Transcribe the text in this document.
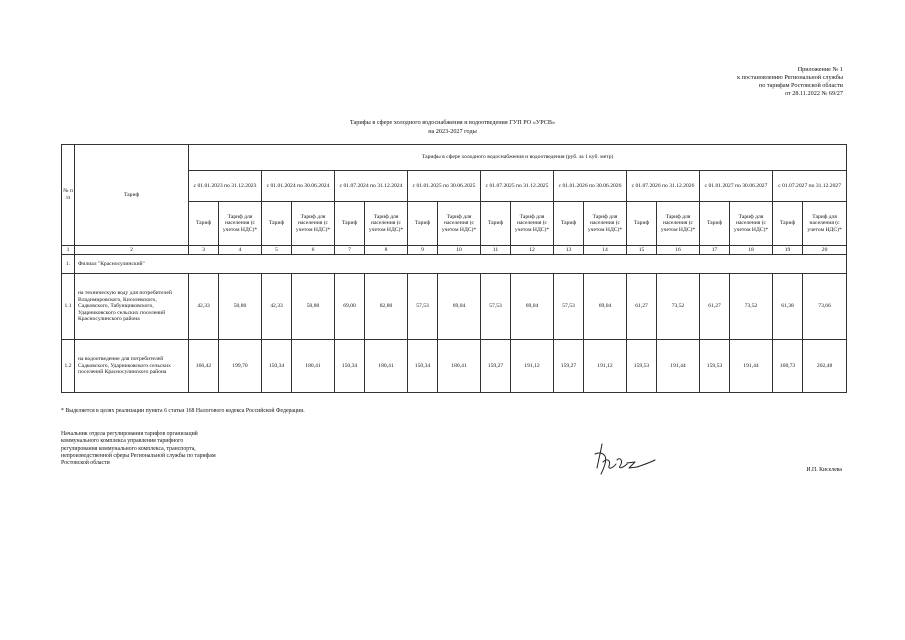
Приложение № 1
к постановлению Региональной службы
по тарифам Ростовской области
от 28.11.2022 № 69/27
Тарифы в сфере холодного водоснабжения и водоотведения ГУП РО «УРСВ»
на 2023-2027 годы
№ п /п	Тариф	Тарифы в сфере холодного водоснабжения и водоотведения (руб. за 1 куб. метр)																	
		с 01.01.2023 по 31.12.2023		с 01.01.2024 по 30.06.2024		с 01.07.2024 по 31.12.2024		с 01.01.2025 по 30.06.2025		с 01.07.2025 по 31.12.2025		с 01.01.2026 по 30.06.2026		с 01.07.2026 по 31.12.2026		с 01.01.2027 по 30.06.2027		с 01.07.2027 по 31.12.2027	
		Тариф	Тариф для населения (с учетом НДС)*	Тариф	Тариф для населения (с учетом НДС)*	Тариф	Тариф для населения (с учетом НДС)*	Тариф	Тариф для населения (с учетом НДС)*	Тариф	Тариф для населения (с учетом НДС)*	Тариф	Тариф для населения (с учетом НДС)*	Тариф	Тариф для населения (с учетом НДС)*	Тариф	Тариф для населения (с учетом НДС)*	Тариф	Тариф для населения (с учетом НДС)*
1	2	3	4	5	6	7	8	9	10	11	12	13	14	15	16	17	18	19	20
1.	Филиал "Красносулинский"																		
1.1	на техническую воду для потребителей Владимировского, Киселевского, Садковского, Табунщиковского, Ударниковского сельских поселений Красносулинского района	42,33	50,80	42,33	50,80	69,00	82,80	57,53	69,04	57,53	69,04	57,53	69,04	61,27	73,52	61,27	73,52	61,38	73,66
1.2	на водоотведение для потребителей Садковского, Ударниковского сельских поселений Красносулинского района	166,42	199,70	150,34	180,41	150,34	180,41	150,34	180,41	159,27	191,12	159,27	191,12	159,53	191,44	159,53	191,44	168,73	202,48
* Выделяется в целях реализации пункта 6 статьи 168 Налогового кодекса Российской Федерации.
Начальник отдела регулирования тарифов организаций
коммунального комплекса управления тарифного
регулирования коммунального комплекса, транспорта,
непроизводственной сферы Региональной службы по тарифам
Ростовской области
И.П. Киселева
